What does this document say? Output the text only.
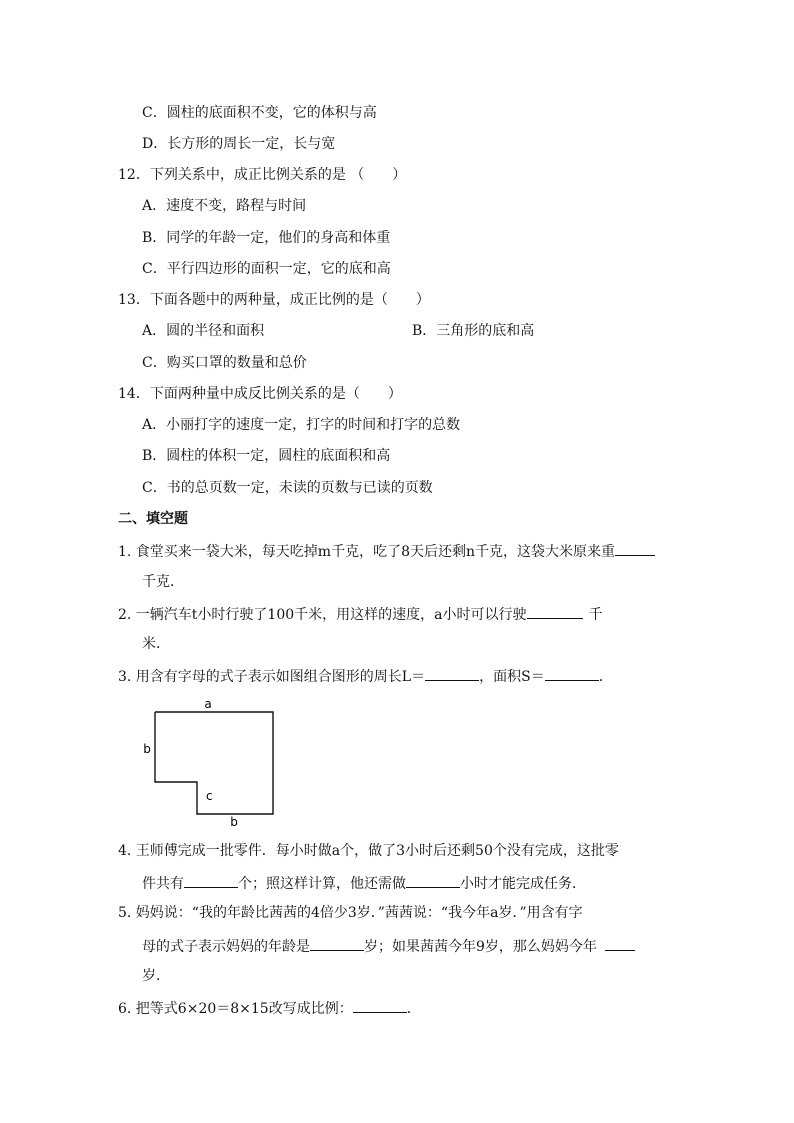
C．圆柱的底面积不变，它的体积与高
D．长方形的周长一定，长与宽
12．下列关系中，成正比例关系的是 （　　）
A．速度不变，路程与时间
B．同学的年龄一定，他们的身高和体重
C．平行四边形的面积一定，它的底和高
13．下面各题中的两种量，成正比例的是（　　）
A．圆的半径和面积	B．三角形的底和高
C．购买口罩的数量和总价
14．下面两种量中成反比例关系的是（　　）
A．小丽打字的速度一定，打字的时间和打字的总数
B．圆柱的体积一定，圆柱的底面积和高
C．书的总页数一定，未读的页数与已读的页数
二、填空题
1. 食堂买来一袋大米，每天吃掉m千克，吃了8天后还剩n千克，这袋大米原来重
千克．
2. 一辆汽车t小时行驶了100千米，用这样的速度，a小时可以行驶	千
米．
3. 用含有字母的式子表示如图组合图形的周长L＝	，面积S＝	．
a
b
c
b
4. 王师傅完成一批零件．每小时做a个，做了3小时后还剩50个没有完成，这批零
件共有	个；照这样计算，他还需做	小时才能完成任务．
5. 妈妈说：“我的年龄比茜茜的4倍少3岁．”茜茜说：“我今年a岁．”用含有字
母的式子表示妈妈的年龄是	岁；如果茜茜今年9岁，那么妈妈今年
岁．
6. 把等式6×20＝8×15改写成比例：	．
